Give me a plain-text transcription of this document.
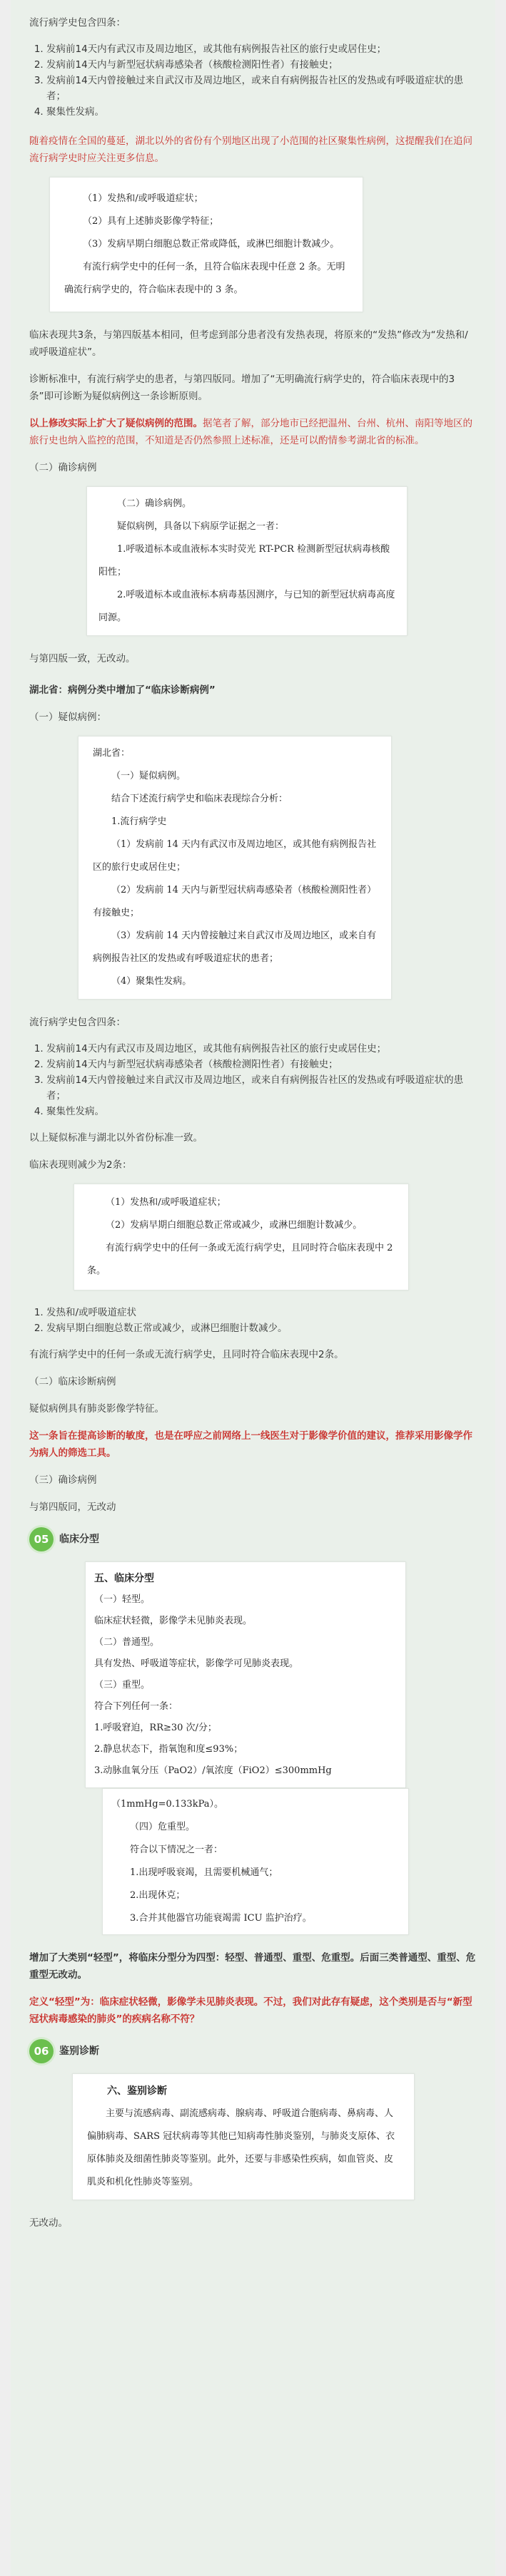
流行病学史包含四条：

1. 发病前14天内有武汉市及周边地区，或其他有病例报告社区的旅行史或居住史；
2. 发病前14天内与新型冠状病毒感染者（核酸检测阳性者）有接触史；
3. 发病前14天内曾接触过来自武汉市及周边地区，或来自有病例报告社区的发热或有呼吸道症状的患者；
4. 聚集性发病。

随着疫情在全国的蔓延，湖北以外的省份有个别地区出现了小范围的社区聚集性病例，这提醒我们在追问流行病学史时应关注更多信息。

（1）发热和/或呼吸道症状；

（2）具有上述肺炎影像学特征；

（3）发病早期白细胞总数正常或降低，或淋巴细胞计数减少。

有流行病学史中的任何一条，且符合临床表现中任意 2 条。无明确流行病学史的，符合临床表现中的 3 条。

临床表现共3条，与第四版基本相同，但考虑到部分患者没有发热表现，将原来的“发热”修改为“发热和/或呼吸道症状”。

诊断标准中，有流行病学史的患者，与第四版同。增加了“无明确流行病学史的，符合临床表现中的3条”即可诊断为疑似病例这一条诊断原则。

以上修改实际上扩大了疑似病例的范围。据笔者了解，部分地市已经把温州、台州、杭州、南阳等地区的旅行史也纳入监控的范围，不知道是否仍然参照上述标准，还是可以酌情参考湖北省的标准。

（二）确诊病例

（二）确诊病例。

疑似病例，具备以下病原学证据之一者：

1.呼吸道标本或血液标本实时荧光 RT-PCR 检测新型冠状病毒核酸阳性；

2.呼吸道标本或血液标本病毒基因测序，与已知的新型冠状病毒高度同源。

与第四版一致，无改动。

湖北省：病例分类中增加了“临床诊断病例”

（一）疑似病例：

湖北省：

（一）疑似病例。

结合下述流行病学史和临床表现综合分析：

1.流行病学史

（1）发病前 14 天内有武汉市及周边地区，或其他有病例报告社区的旅行史或居住史；

（2）发病前 14 天内与新型冠状病毒感染者（核酸检测阳性者）有接触史；

（3）发病前 14 天内曾接触过来自武汉市及周边地区，或来自有病例报告社区的发热或有呼吸道症状的患者；

（4）聚集性发病。

流行病学史包含四条：

1. 发病前14天内有武汉市及周边地区，或其他有病例报告社区的旅行史或居住史；
2. 发病前14天内与新型冠状病毒感染者（核酸检测阳性者）有接触史；
3. 发病前14天内曾接触过来自武汉市及周边地区，或来自有病例报告社区的发热或有呼吸道症状的患者；
4. 聚集性发病。

以上疑似标准与湖北以外省份标准一致。

临床表现则减少为2条：

（1）发热和/或呼吸道症状；

（2）发病早期白细胞总数正常或减少，或淋巴细胞计数减少。

有流行病学史中的任何一条或无流行病学史，且同时符合临床表现中 2 条。

1. 发热和/或呼吸道症状
2. 发病早期白细胞总数正常或减少，或淋巴细胞计数减少。

有流行病学史中的任何一条或无流行病学史，且同时符合临床表现中2条。

（二）临床诊断病例

疑似病例具有肺炎影像学特征。

这一条旨在提高诊断的敏度，也是在呼应之前网络上一线医生对于影像学价值的建议，推荐采用影像学作为病人的筛选工具。

（三）确诊病例

与第四版同，无改动

05	临床分型

五、临床分型

（一）轻型。

临床症状轻微，影像学未见肺炎表现。

（二）普通型。

具有发热、呼吸道等症状，影像学可见肺炎表现。

（三）重型。

符合下列任何一条：

1.呼吸窘迫，RR≥30 次/分；

2.静息状态下，指氧饱和度≤93%；

3.动脉血氧分压（PaO2）/氧浓度（FiO2）≤300mmHg

（1mmHg=0.133kPa）。

（四）危重型。

符合以下情况之一者：

1.出现呼吸衰竭，且需要机械通气；

2.出现休克；

3.合并其他器官功能衰竭需 ICU 监护治疗。

增加了大类别“轻型”，将临床分型分为四型：轻型、普通型、重型、危重型。后面三类普通型、重型、危重型无改动。

定义“轻型”为：临床症状轻微，影像学未见肺炎表现。不过，我们对此存有疑虑，这个类别是否与“新型冠状病毒感染的肺炎”的疾病名称不符？

06	鉴别诊断

六、鉴别诊断

主要与流感病毒、副流感病毒、腺病毒、呼吸道合胞病毒、鼻病毒、人偏肺病毒、SARS 冠状病毒等其他已知病毒性肺炎鉴别，与肺炎支原体、衣原体肺炎及细菌性肺炎等鉴别。此外，还要与非感染性疾病，如血管炎、皮肌炎和机化性肺炎等鉴别。

无改动。
